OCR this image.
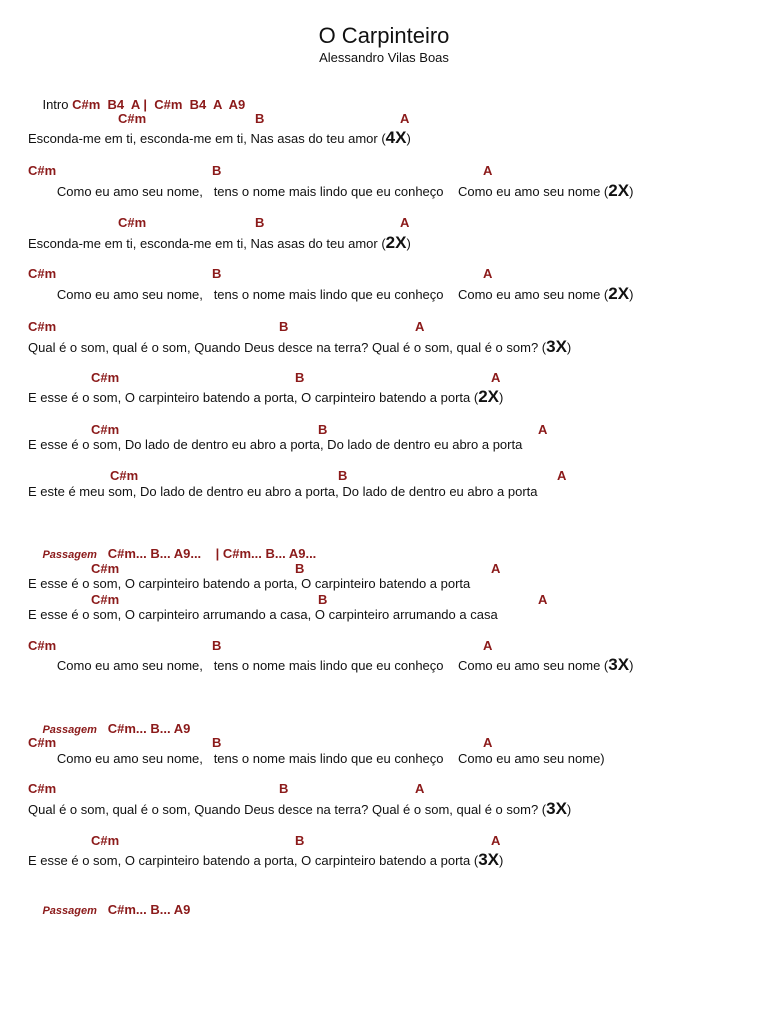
O Carpinteiro
Alessandro Vilas Boas

Intro C#m  B4  A |  C#m  B4  A  A9

C#m	B	A
Esconda-me em ti, esconda-me em ti, Nas asas do teu amor (4X)
C#m	B	A
Como eu amo seu nome,   tens o nome mais lindo que eu conheço    Como eu amo seu nome (2X)
C#m	B	A
Esconda-me em ti, esconda-me em ti, Nas asas do teu amor (2X)
C#m	B	A
Como eu amo seu nome,   tens o nome mais lindo que eu conheço    Como eu amo seu nome (2X)
C#m	B	A
Qual é o som, qual é o som, Quando Deus desce na terra? Qual é o som, qual é o som? (3X)
C#m	B	A
E esse é o som, O carpinteiro batendo a porta, O carpinteiro batendo a porta (2X)
C#m	B	A
E esse é o som, Do lado de dentro eu abro a porta, Do lado de dentro eu abro a porta
C#m	B	A
E este é meu som, Do lado de dentro eu abro a porta, Do lado de dentro eu abro a porta

Passagem C#m... B... A9...    | C#m... B... A9...

C#m	B	A
E esse é o som, O carpinteiro batendo a porta, O carpinteiro batendo a porta
C#m	B	A
E esse é o som, O carpinteiro arrumando a casa, O carpinteiro arrumando a casa
C#m	B	A
Como eu amo seu nome,   tens o nome mais lindo que eu conheço    Como eu amo seu nome (3X)

Passagem C#m... B... A9

C#m	B	A
Como eu amo seu nome,   tens o nome mais lindo que eu conheço    Como eu amo seu nome)
C#m	B	A
Qual é o som, qual é o som, Quando Deus desce na terra? Qual é o som, qual é o som? (3X)
C#m	B	A
E esse é o som, O carpinteiro batendo a porta, O carpinteiro batendo a porta (3X)

Passagem C#m... B... A9
